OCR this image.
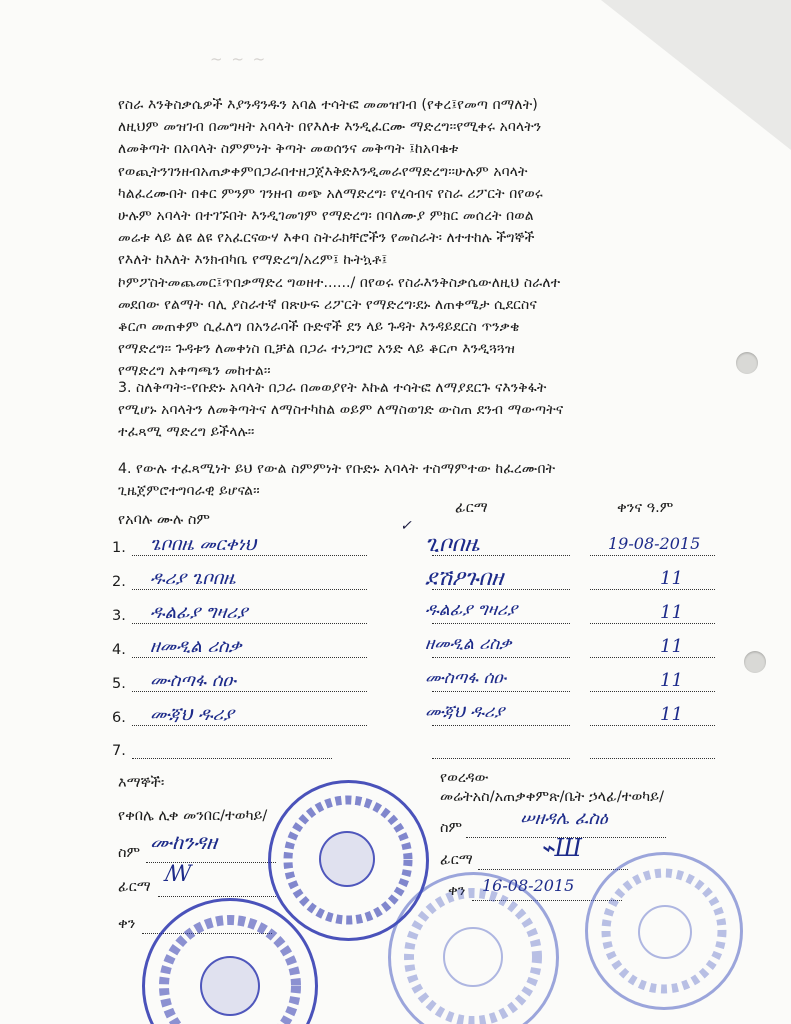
~ ~ ~
የስራ እንቅስቃሴዎች እያንዳንዱን አባል ተሳትፎ መመዝገብ (የቀረ፤የመጣ በማለት)
ለዚህም መዝገብ በመግዛት አባላት በየእለቱ እንዲፈርሙ ማድረግ፡፡የሚቀሩ አባላትን
ለመቅጣት በአባላት ስምምነት ቅጣት መወሰንና መቅጣት ፤ከአባቁቱ
የወጪትንገንዘብአጠቃቀምበጋራበተዘጋጀእቅድእንዲመራየማድረግ፡፡ሁሉም አባላት
ካልፈረሙበት በቀር ምንም ገንዘብ ወጭ አለማድረግ፡ የሂሳብና የስራ ሪፖርት በየወሩ
ሁሉም አባላት በተገኙበት እንዲገመገም የማድረግ፡ በባለሙያ ምክር መሰረት በወል
መሬቱ ላይ ልዩ ልዩ የአፈርናውሃ እቀባ ስትራክቸሮችን የመስራት፡ ለተተከሉ ችግኞች
የእለት ከእለት እንክብካቤ የማድረግ/አረም፤ ኩትኳቶ፤
ኮምፖስትመጨመር፤ጥበቃማድረ ግወዘተ....../ በየወሩ የስራእንቅስቃሴውለዚህ ስራለተ
መደበው የልማት ባሊ ያስራተኛ በጽሁፍ ሪፖርት የማድረግ፡ደኑ ለጠቀሜታ ሲደርስና
ቆርጦ መጠቀም ሲፈለግ በአንራባች ቡድኖች ደን ላይ ጉዳት እንዳይደርስ ጥንቃቄ
የማድረግ፡፡ ጉዳቱን ለመቀነስ ቢቻል በጋራ ተነጋግሮ አንድ ላይ ቆርጦ እንዲጓጓዝ
የማድረግ አቀጣጫን መከተል፡፡
3. ስለቅጣት፡-የቡድኑ አባላት በጋራ በመወያየት እኩል ተሳትፎ ለማያደርጉ ናእንቅፋት
የሚሆኑ አባላትን ለመቅጣትና ለማስተካከል ወይም ለማስወገድ ውስጠ ደንብ ማውጣትና
ተፈጻሚ ማድረግ ይችላሉ፡፡
4. የውሉ ተፈጻሚነት ይህ የውል ስምምነት የቡድኑ አባላት ተስማምተው ከፈረሙበት
ጊዜጀምሮተግባራዊ ይሆናል፡፡
የአባሉ ሙሉ ስም
ፊርማ	ቀንና ዓ.ም
✓
1. ጌቦበዜ መርቀነህ	ጊቦበዜ	19-08-2015
2. ዱሪያ ጌቦበዜ	ደሽዖጉበዘ	11
3. ዱልፊያ ግዛሪያ	ዱልፊያ ግዛሪያ	11
4. ዘመዲል ሪስቃ	ዘመዲል ሪስቃ	11
5. ሙስጣፋ ሰዑ	ሙስጣፋ ሰዑ	11
6. ሙጃህ ዱሪያ	ሙጃህ ዱሪያ	11
7.
እማኞች፡
የቀበሌ ሊቀ መንበር/ተወካይ/
ስም ሙከንዳዘ
ፊርማ ꟿ
ቀን
የወረዳው
መሬትአስ/አጠቃቀምጽ/ቤት ኃላፊ/ተወካይ/
ስም	ሠዘዳሌ ፈስዕ
ፊርማ	⌁Ш
ቀን 16-08-2015
